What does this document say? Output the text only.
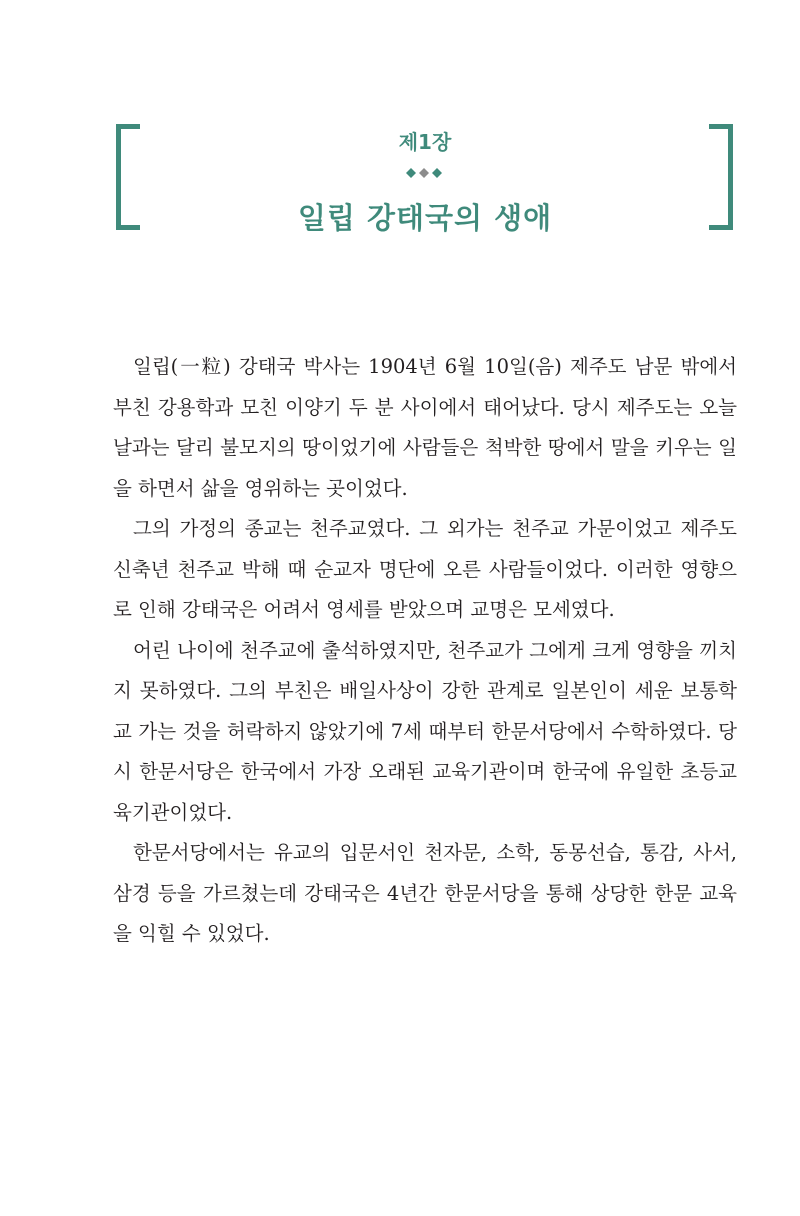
제1장
일립 강태국의 생애

일립(一粒) 강태국 박사는 1904년 6월 10일(음) 제주도 남문 밖에서 부친 강용학과 모친 이양기 두 분 사이에서 태어났다. 당시 제주도는 오늘날과는 달리 불모지의 땅이었기에 사람들은 척박한 땅에서 말을 키우는 일을 하면서 삶을 영위하는 곳이었다.

그의 가정의 종교는 천주교였다. 그 외가는 천주교 가문이었고 제주도 신축년 천주교 박해 때 순교자 명단에 오른 사람들이었다. 이러한 영향으로 인해 강태국은 어려서 영세를 받았으며 교명은 모세였다.

어린 나이에 천주교에 출석하였지만, 천주교가 그에게 크게 영향을 끼치지 못하였다. 그의 부친은 배일사상이 강한 관계로 일본인이 세운 보통학교 가는 것을 허락하지 않았기에 7세 때부터 한문서당에서 수학하였다. 당시 한문서당은 한국에서 가장 오래된 교육기관이며 한국에 유일한 초등교육기관이었다.

한문서당에서는 유교의 입문서인 천자문, 소학, 동몽선습, 통감, 사서, 삼경 등을 가르쳤는데 강태국은 4년간 한문서당을 통해 상당한 한문 교육을 익힐 수 있었다.
